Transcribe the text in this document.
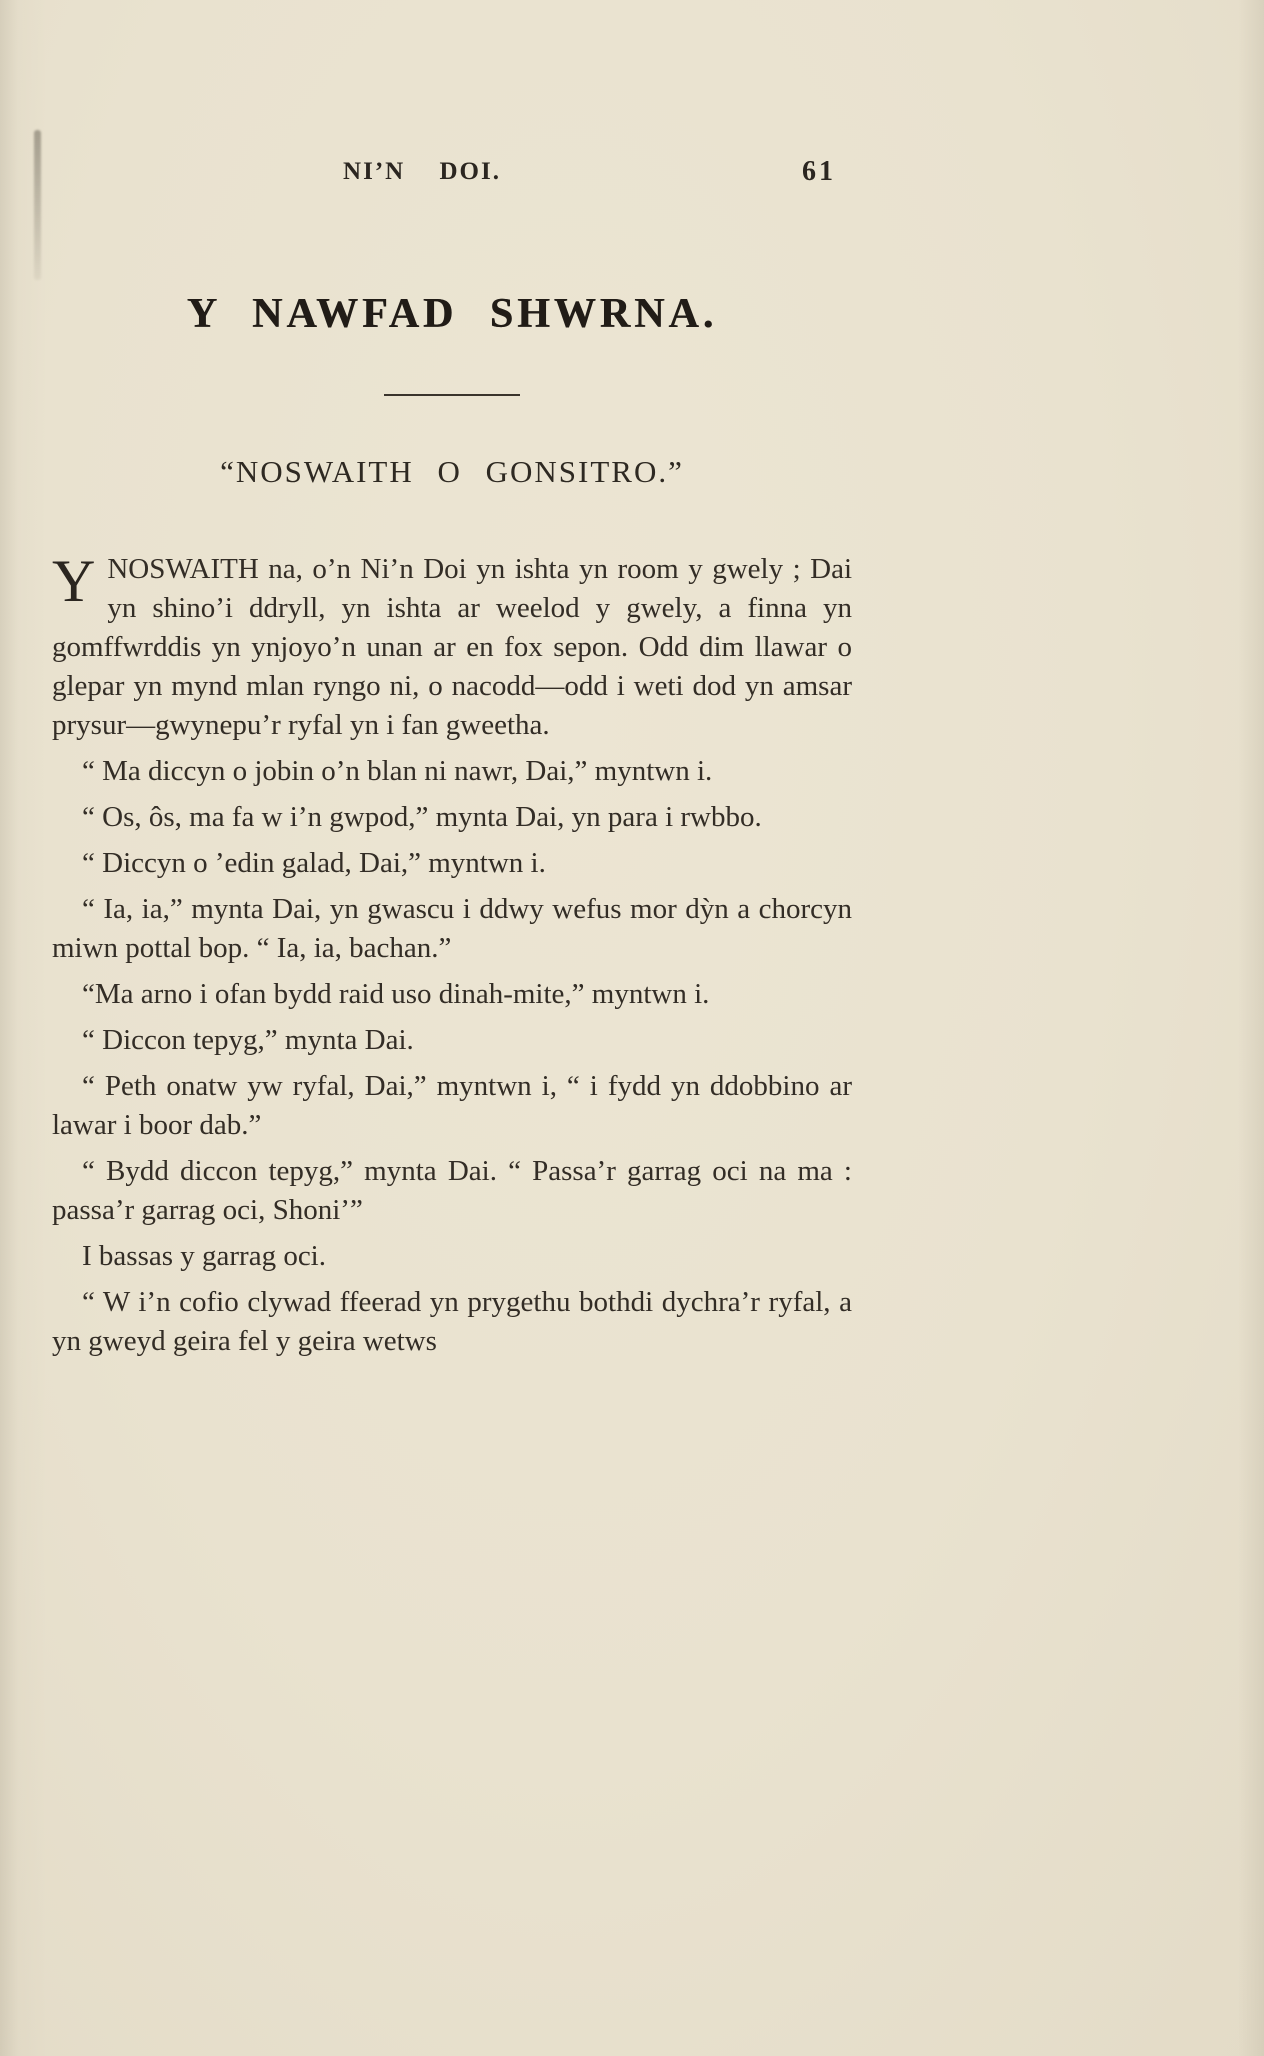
NI’N DOI.	61
Y NAWFAD SHWRNA.
“NOSWAITH O GONSITRO.”

YNOSWAITH na, o’n Ni’n Doi yn ishta yn room y gwely ; Dai yn shino’i ddryll, yn ishta ar weelod y gwely, a finna yn gomffwrddis yn ynjoyo’n unan ar en fox sepon. Odd dim llawar o glepar yn mynd mlan ryngo ni, o nacodd—odd i weti dod yn amsar prysur—gwynepu’r ryfal yn i fan gweetha.

“ Ma diccyn o jobin o’n blan ni nawr, Dai,” myntwn i.

“ Os, ôs, ma fa w i’n gwpod,” mynta Dai, yn para i rwbbo.

“ Diccyn o ’edin galad, Dai,” myntwn i.

“ Ia, ia,” mynta Dai, yn gwascu i ddwy wefus mor dỳn a chorcyn miwn pottal bop. “ Ia, ia, bachan.”

“Ma arno i ofan bydd raid uso dinah-mite,” myntwn i.

“ Diccon tepyg,” mynta Dai.

“ Peth onatw yw ryfal, Dai,” myntwn i, “ i fydd yn ddobbino ar lawar i boor dab.”

“ Bydd diccon tepyg,” mynta Dai. “ Passa’r garrag oci na ma : passa’r garrag oci, Shoni’”

I bassas y garrag oci.

“ W i’n cofio clywad ffeerad yn prygethu bothdi dychra’r ryfal, a yn gweyd geira fel y geira wetws
